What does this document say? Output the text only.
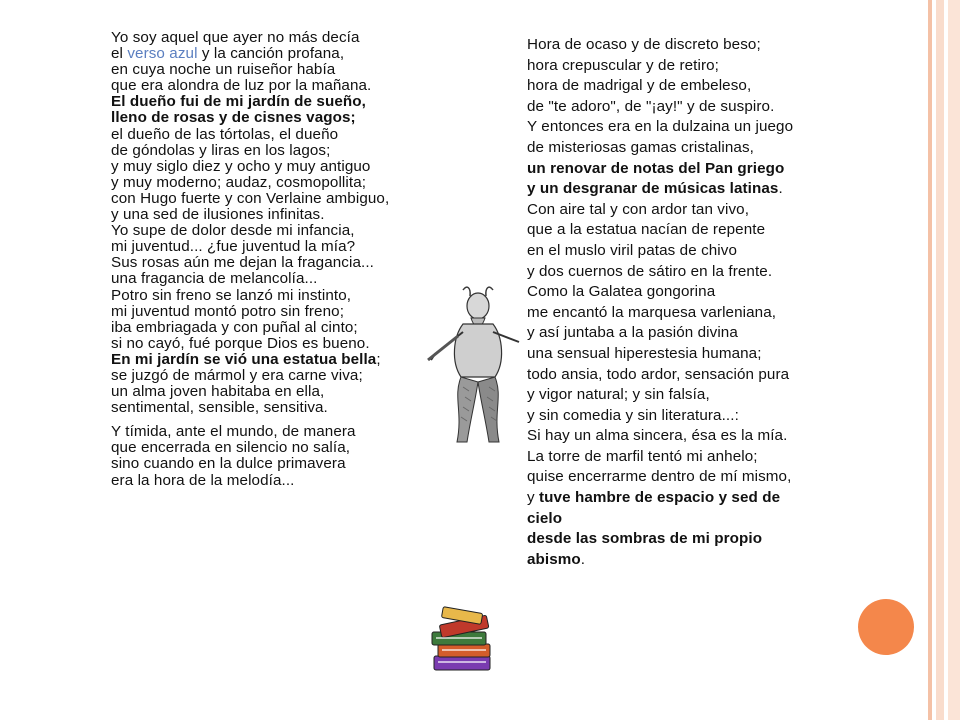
Yo soy aquel que ayer no más decía
el verso azul y la canción profana,
en cuya noche un ruiseñor había
que era alondra de luz por la mañana.
El dueño fui de mi jardín de sueño,
lleno de rosas y de cisnes vagos;
el dueño de las tórtolas, el dueño
de góndolas y liras en los lagos;
y muy siglo diez y ocho y muy antiguo
y muy moderno; audaz, cosmopollita;
con Hugo fuerte y con Verlaine ambiguo,
y una sed de ilusiones infinitas.
Yo supe de dolor desde mi infancia,
mi juventud... ¿fue juventud la mía?
Sus rosas aún me dejan la fragancia...
una fragancia de melancolía...
Potro sin freno se lanzó mi instinto,
mi juventud montó potro sin freno;
iba embriagada y con puñal al cinto;
si no cayó, fué porque Dios es bueno.
En mi jardín se vió una estatua bella;
se juzgó de mármol y era carne viva;
un alma joven habitaba en ella,
sentimental, sensible, sensitiva.
Y tímida, ante el mundo, de manera
que encerrada en silencio no salía,
sino cuando en la dulce primavera
era la hora de la melodía...
Hora de ocaso y de discreto beso;
hora crepuscular y de retiro;
hora de madrigal y de embeleso,
de "te adoro", de "¡ay!" y de suspiro.
Y entonces era en la dulzaina un juego
de misteriosas gamas cristalinas,
un renovar de notas del Pan griego
y un desgranar de músicas latinas.
Con aire tal y con ardor tan vivo,
que a la estatua nacían de repente
en el muslo viril patas de chivo
y dos cuernos de sátiro en la frente.
Como la Galatea gongorina
me encantó la marquesa varleniana,
y así juntaba a la pasión divina
una sensual hiperestesia humana;
todo ansia, todo ardor, sensación pura
y vigor natural; y sin falsía,
y sin comedia y sin literatura...:
Si hay un alma sincera, ésa es la mía.
La torre de marfil tentó mi anhelo;
quise encerrarme dentro de mí mismo,
y tuve hambre de espacio y sed de
cielo
desde las sombras de mi propio
abismo.
